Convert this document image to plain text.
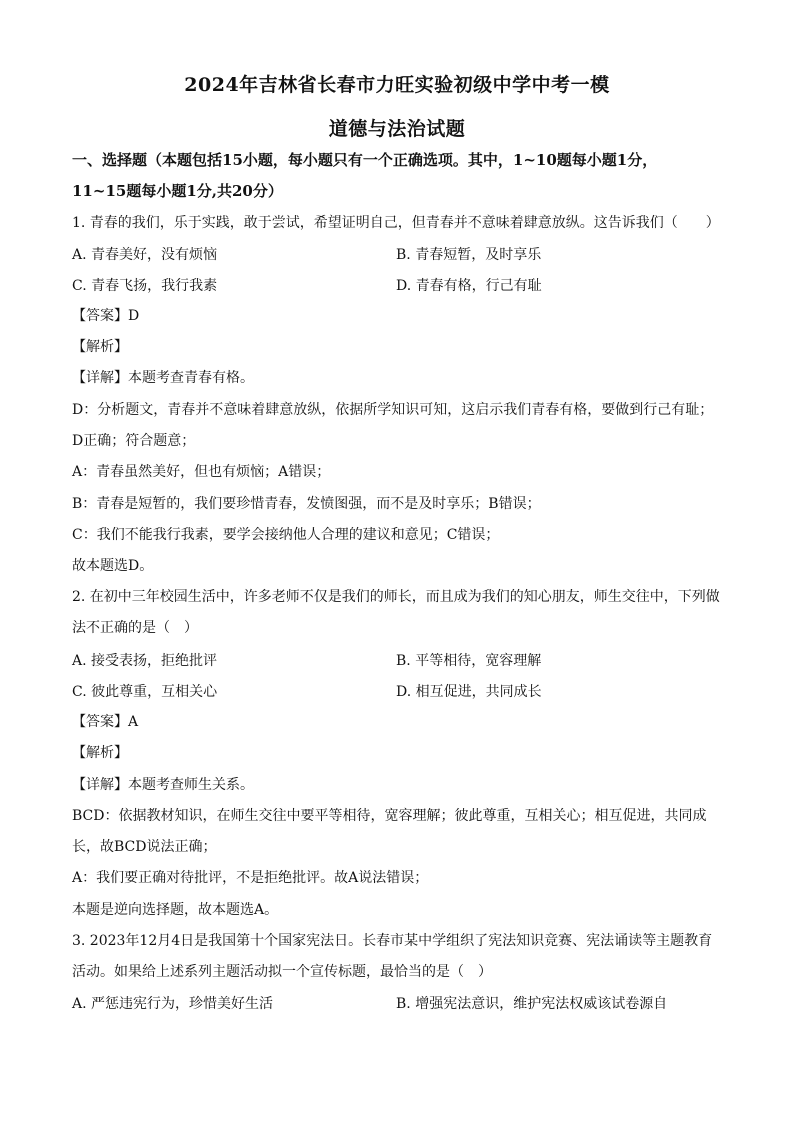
2024年吉林省长春市力旺实验初级中学中考一模
道德与法治试题
一、选择题（本题包括15小题，每小题只有一个正确选项。其中，1~10题每小题1分，
11~15题每小题1分,共20分）
1. 青春的我们，乐于实践，敢于尝试，希望证明自己，但青春并不意味着肆意放纵。这告诉我们（　　）
A. 青春美好，没有烦恼	B. 青春短暂，及时享乐
C. 青春飞扬，我行我素	D. 青春有格，行己有耻
【答案】D
【解析】
【详解】本题考查青春有格。
D：分析题文，青春并不意味着肆意放纵，依据所学知识可知，这启示我们青春有格，要做到行己有耻；
D正确；符合题意；
A：青春虽然美好，但也有烦恼；A错误；
B：青春是短暂的，我们要珍惜青春，发愤图强，而不是及时享乐；B错误；
C：我们不能我行我素，要学会接纳他人合理的建议和意见；C错误；
故本题选D。
2. 在初中三年校园生活中，许多老师不仅是我们的师长，而且成为我们的知心朋友，师生交往中，下列做
法不正确的是（　）
A. 接受表扬，拒绝批评	B. 平等相待，宽容理解
C. 彼此尊重，互相关心	D. 相互促进，共同成长
【答案】A
【解析】
【详解】本题考查师生关系。
BCD：依据教材知识，在师生交往中要平等相待，宽容理解；彼此尊重，互相关心；相互促进，共同成
长，故BCD说法正确；
A：我们要正确对待批评，不是拒绝批评。故A说法错误；
本题是逆向选择题，故本题选A。
3. 2023年12月4日是我国第十个国家宪法日。长春市某中学组织了宪法知识竞赛、宪法诵读等主题教育
活动。如果给上述系列主题活动拟一个宣传标题，最恰当的是（　）
A. 严惩违宪行为，珍惜美好生活	B. 增强宪法意识，维护宪法权威该试卷源自
